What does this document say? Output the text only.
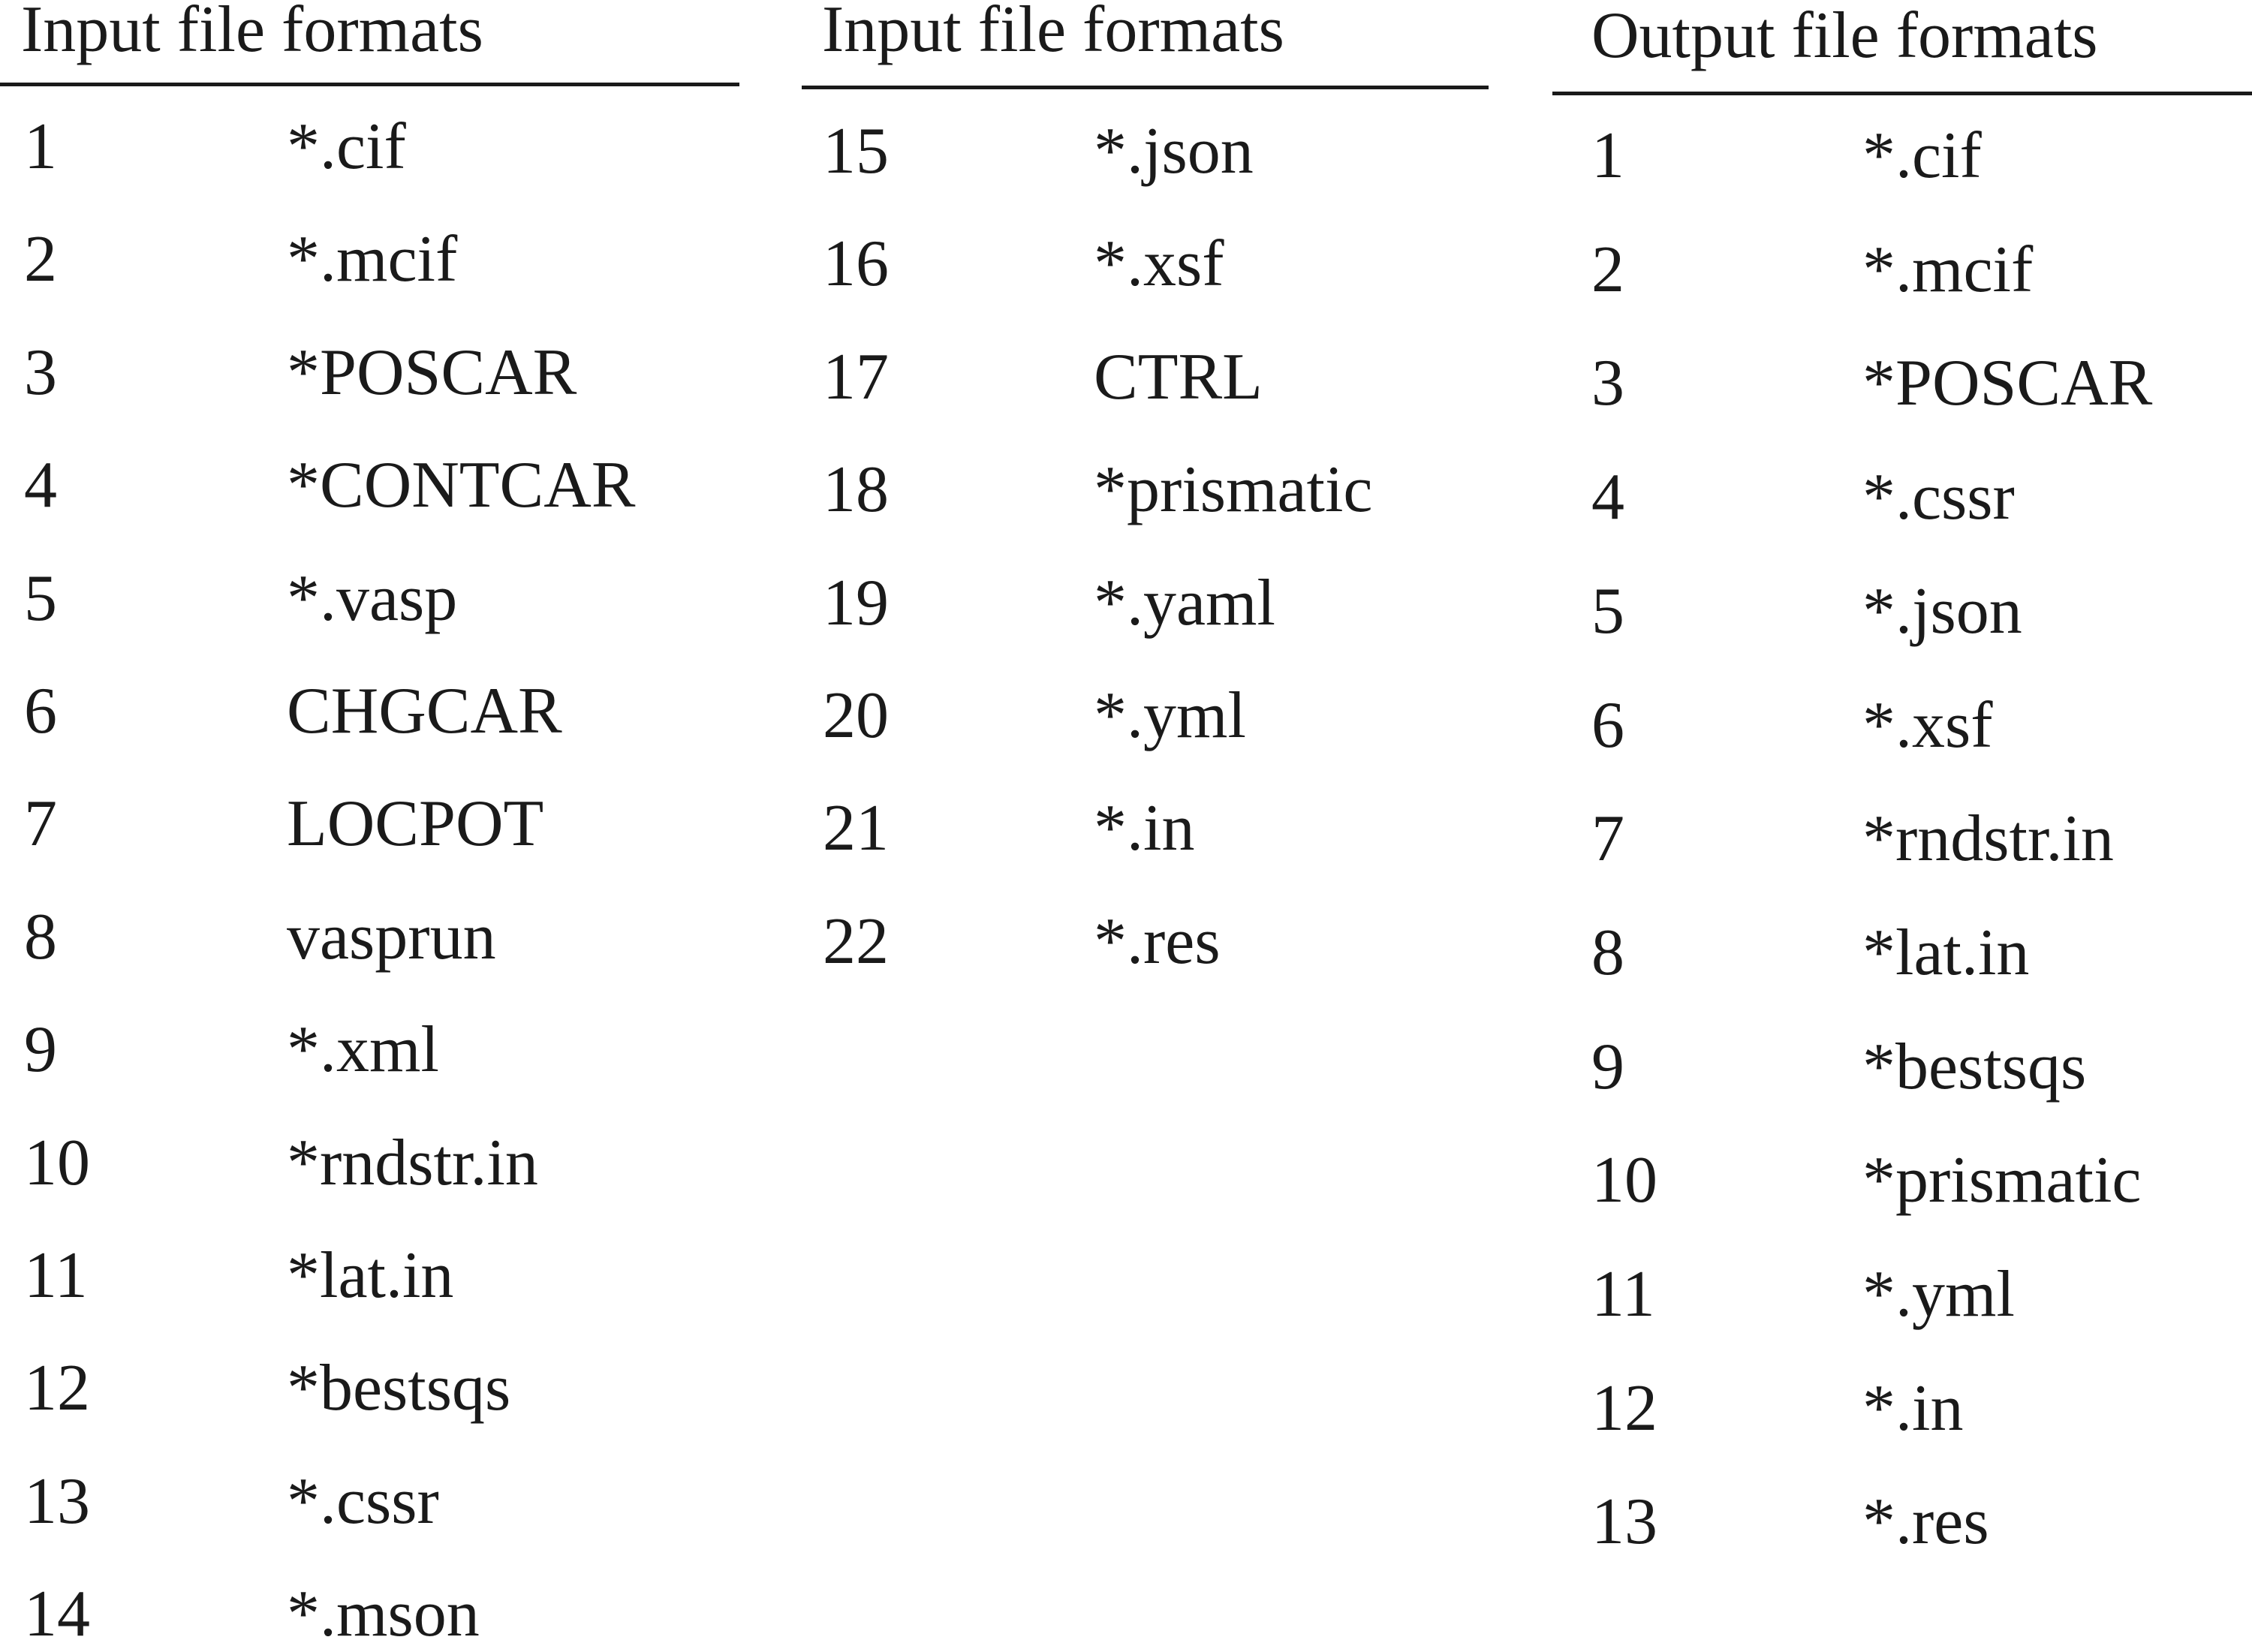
Input file formats
1	*.cif
2	*.mcif
3	*POSCAR
4	*CONTCAR
5	*.vasp
6	CHGCAR
7	LOCPOT
8	vasprun
9	*.xml
10	*rndstr.in
11	*lat.in
12	*bestsqs
13	*.cssr
14	*.mson
Input file formats
15	*.json
16	*.xsf
17	CTRL
18	*prismatic
19	*.yaml
20	*.yml
21	*.in
22	*.res
Output file formats
1	*.cif
2	*.mcif
3	*POSCAR
4	*.cssr
5	*.json
6	*.xsf
7	*rndstr.in
8	*lat.in
9	*bestsqs
10	*prismatic
11	*.yml
12	*.in
13	*.res
